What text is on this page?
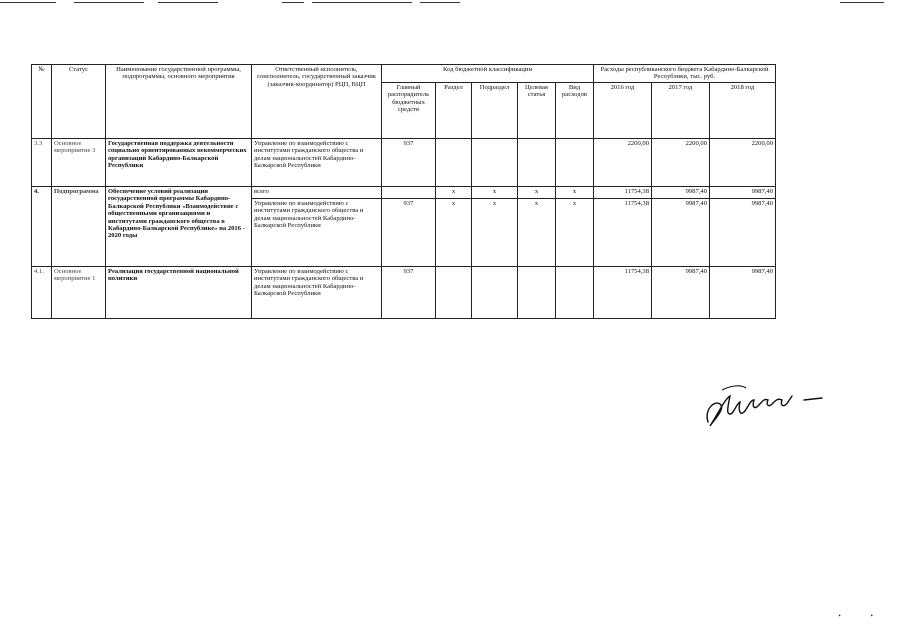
№	Статус	Наименование государственной программы, подпрограммы, основного мероприятия	Ответственный исполнитель, соисполнитель, государственный заказчик (заказчик-координатор) РЦП, ВЦП	Код бюджетной классификации					Расходы республиканского бюджета Кабардино-Балкарской Республики, тыс. руб.		
				Главный распорядитель бюджетных средств	Раздел	Подраздел	Целевая статья	Вид расходов	2016 год	2017 год	2018 год
3.3	Основное мероприятие 3	Государственная поддержка деятельности социально ориентированных некоммерческих организаций Кабардино-Балкарской Республики	Управление по взаимодействию с институтами гражданского общества и делам национальностей Кабардино-Балкарской Республики	937					2200,00	2200,00	2200,00
4.	Подпрограмма	Обеспечение условий реализации государственной программы Кабардино-Балкарской Республики «Взаимодействие с общественными организациями и институтами гражданского общества в Кабардино-Балкарской Республике» на 2016 - 2020 годы	всего		х	х	х	х	11754,38	9987,40	9987,40
			Управление по взаимодействию с институтами гражданского общества и делам национальностей Кабардино-Балкарской Республики	937	х	х	х	х	11754,38	9987,40	9987,40
4.1.	Основное мероприятие 1	Реализация государственной национальной политики	Управление по взаимодействию с институтами гражданского общества и делам национальностей Кабардино-Балкарской Республики	937					11754,38	9987,40	9987,40
• •
